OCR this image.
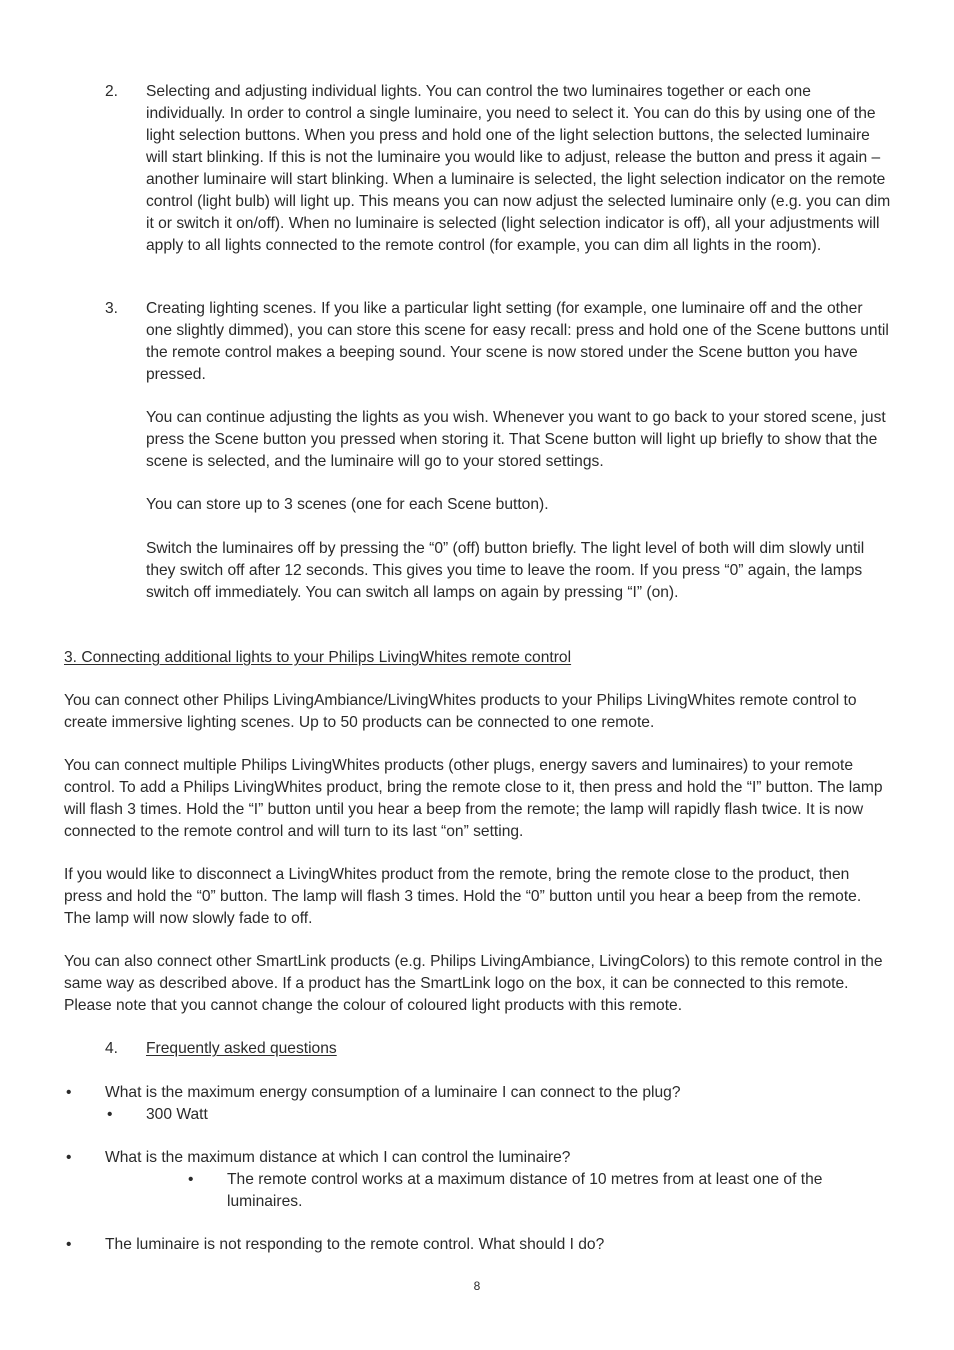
2. Selecting and adjusting individual lights. You can control the two luminaires together or each one individually. In order to control a single luminaire, you need to select it. You can do this by using one of the light selection buttons. When you press and hold one of the light selection buttons, the selected luminaire will start blinking. If this is not the luminaire you would like to adjust, release the button and press it again – another luminaire will start blinking. When a luminaire is selected, the light selection indicator on the remote control (light bulb) will light up. This means you can now adjust the selected luminaire only (e.g. you can dim it or switch it on/off). When no luminaire is selected (light selection indicator is off), all your adjustments will apply to all lights connected to the remote control (for example, you can dim all lights in the room).

3. Creating lighting scenes. If you like a particular light setting (for example, one luminaire off and the other one slightly dimmed), you can store this scene for easy recall: press and hold one of the Scene buttons until the remote control makes a beeping sound. Your scene is now stored under the Scene button you have pressed.

You can continue adjusting the lights as you wish. Whenever you want to go back to your stored scene, just press the Scene button you pressed when storing it. That Scene button will light up briefly to show that the scene is selected, and the luminaire will go to your stored settings.

You can store up to 3 scenes (one for each Scene button).

Switch the luminaires off by pressing the “0” (off) button briefly. The light level of both will dim slowly until they switch off after 12 seconds. This gives you time to leave the room. If you press “0” again, the lamps switch off immediately. You can switch all lamps on again by pressing “I” (on).

3. Connecting additional lights to your Philips LivingWhites remote control

You can connect other Philips LivingAmbiance/LivingWhites products to your Philips LivingWhites remote control to create immersive lighting scenes. Up to 50 products can be connected to one remote.

You can connect multiple Philips LivingWhites products (other plugs, energy savers and luminaires) to your remote control. To add a Philips LivingWhites product, bring the remote close to it, then press and hold the “I” button. The lamp will flash 3 times. Hold the “I” button until you hear a beep from the remote; the lamp will rapidly flash twice. It is now connected to the remote control and will turn to its last “on” setting.

If you would like to disconnect a LivingWhites product from the remote, bring the remote close to the product, then press and hold the “0” button. The lamp will flash 3 times. Hold the “0” button until you hear a beep from the remote. The lamp will now slowly fade to off.

You can also connect other SmartLink products (e.g. Philips LivingAmbiance, LivingColors) to this remote control in the same way as described above. If a product has the SmartLink logo on the box, it can be connected to this remote. Please note that you cannot change the colour of coloured light products with this remote.

4. Frequently asked questions
• What is the maximum energy consumption of a luminaire I can connect to the plug?
• 300 Watt
• What is the maximum distance at which I can control the luminaire?
• The remote control works at a maximum distance of 10 metres from at least one of the luminaires.

• The luminaire is not responding to the remote control. What should I do?
8
